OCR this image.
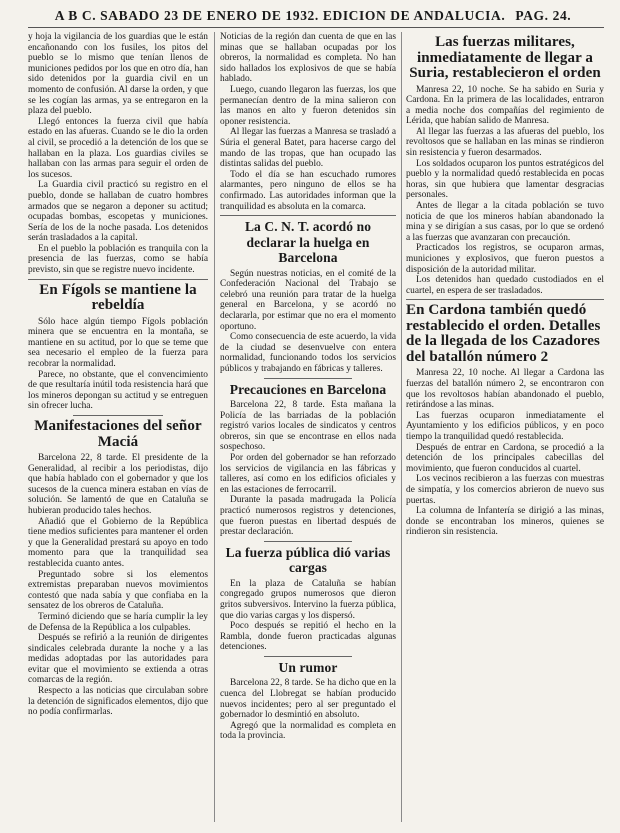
A B C. SABADO 23 DE ENERO DE 1932. EDICION DE ANDALUCIA. PAG. 24.

y hoja la vigilancia de los guardias que le están encañonando con los fusiles, los pitos del pueblo se lo mismo que tenían llenos de municiones pedidos por los que en otro día, han sido detenidos por la guardia civil en un momento de confusión. Al darse la orden, y que se les cogían las armas, ya se entregaron en la plaza del pueblo.

Llegó entonces la fuerza civil que había estado en las afueras. Cuando se le dio la orden al civil, se procedió a la detención de los que se hallaban en la plaza. Los guardias civiles se hallaban con las armas para seguir el orden de los sucesos.

La Guardia civil practicó su registro en el pueblo, donde se hallaban de cuatro hombres armados que se negaron a deponer su actitud; ocupadas bombas, escopetas y municiones. Sería de los de la noche pasada. Los detenidos serán trasladados a la capital.

En el pueblo la población es tranquila con la presencia de las fuerzas, como se había previsto, sin que se registre nuevo incidente.

En Fígols se mantiene la rebeldía

Sólo hace algún tiempo Fígols población minera que se encuentra en la montaña, se mantiene en su actitud, por lo que se teme que sea necesario el empleo de la fuerza para recobrar la normalidad.

Parece, no obstante, que el convencimiento de que resultaría inútil toda resistencia hará que los mineros depongan su actitud y se entreguen sin ofrecer lucha.

Manifestaciones del señor Maciá

Barcelona 22, 8 tarde. El presidente de la Generalidad, al recibir a los periodistas, dijo que había hablado con el gobernador y que los sucesos de la cuenca minera estaban en vías de solución. Se lamentó de que en Cataluña se hubieran producido tales hechos.

Añadió que el Gobierno de la República tiene medios suficientes para mantener el orden y que la Generalidad prestará su apoyo en todo momento para que la tranquilidad sea restablecida cuanto antes.

Preguntado sobre si los elementos extremistas preparaban nuevos movimientos contestó que nada sabía y que confiaba en la sensatez de los obreros de Cataluña.

Terminó diciendo que se haría cumplir la ley de Defensa de la República a los culpables.

Después se refirió a la reunión de dirigentes sindicales celebrada durante la noche y a las medidas adoptadas por las autoridades para evitar que el movimiento se extienda a otras comarcas de la región.

Respecto a las noticias que circulaban sobre la detención de significados elementos, dijo que no podía confirmarlas.

Noticias de la región dan cuenta de que en las minas que se hallaban ocupadas por los obreros, la normalidad es completa. No han sido hallados los explosivos de que se había hablado.

Luego, cuando llegaron las fuerzas, los que permanecían dentro de la mina salieron con las manos en alto y fueron detenidos sin oponer resistencia.

Al llegar las fuerzas a Manresa se trasladó a Súria el general Batet, para hacerse cargo del mando de las tropas, que han ocupado las distintas salidas del pueblo.

Todo el día se han escuchado rumores alarmantes, pero ninguno de ellos se ha confirmado. Las autoridades informan que la tranquilidad es absoluta en la comarca.

La C. N. T. acordó no declarar la huelga en Barcelona

Según nuestras noticias, en el comité de la Confederación Nacional del Trabajo se celebró una reunión para tratar de la huelga general en Barcelona, y se acordó no declararla, por estimar que no era el momento oportuno.

Como consecuencia de este acuerdo, la vida de la ciudad se desenvuelve con entera normalidad, funcionando todos los servicios públicos y trabajando en fábricas y talleres.

Precauciones en Barcelona

Barcelona 22, 8 tarde. Esta mañana la Policía de las barriadas de la población registró varios locales de sindicatos y centros obreros, sin que se encontrase en ellos nada sospechoso.

Por orden del gobernador se han reforzado los servicios de vigilancia en las fábricas y talleres, así como en los edificios oficiales y en las estaciones de ferrocarril.

Durante la pasada madrugada la Policía practicó numerosos registros y detenciones, que fueron puestas en libertad después de prestar declaración.

La fuerza pública dió varias cargas

En la plaza de Cataluña se habían congregado grupos numerosos que dieron gritos subversivos. Intervino la fuerza pública, que dio varias cargas y los dispersó.

Poco después se repitió el hecho en la Rambla, donde fueron practicadas algunas detenciones.

Un rumor

Barcelona 22, 8 tarde. Se ha dicho que en la cuenca del Llobregat se habían producido nuevos incidentes; pero al ser preguntado el gobernador lo desmintió en absoluto.

Agregó que la normalidad es completa en toda la provincia.

Las fuerzas militares, inmediatamente de llegar a Suria, restablecieron el orden

Manresa 22, 10 noche. Se ha sabido en Suria y Cardona. En la primera de las localidades, entraron a media noche dos compañías del regimiento de Lérida, que habían salido de Manresa.

Al llegar las fuerzas a las afueras del pueblo, los revoltosos que se hallaban en las minas se rindieron sin resistencia y fueron desarmados.

Los soldados ocuparon los puntos estratégicos del pueblo y la normalidad quedó restablecida en pocas horas, sin que hubiera que lamentar desgracias personales.

Antes de llegar a la citada población se tuvo noticia de que los mineros habían abandonado la mina y se dirigían a sus casas, por lo que se ordenó a las fuerzas que avanzaran con precaución.

Practicados los registros, se ocuparon armas, municiones y explosivos, que fueron puestos a disposición de la autoridad militar.

Los detenidos han quedado custodiados en el cuartel, en espera de ser trasladados.

En Cardona también quedó restablecido el orden. Detalles de la llegada de los Cazadores del batallón número 2

Manresa 22, 10 noche. Al llegar a Cardona las fuerzas del batallón número 2, se encontraron con que los revoltosos habían abandonado el pueblo, retirándose a las minas.

Las fuerzas ocuparon inmediatamente el Ayuntamiento y los edificios públicos, y en poco tiempo la tranquilidad quedó restablecida.

Después de entrar en Cardona, se procedió a la detención de los principales cabecillas del movimiento, que fueron conducidos al cuartel.

Los vecinos recibieron a las fuerzas con muestras de simpatía, y los comercios abrieron de nuevo sus puertas.

La columna de Infantería se dirigió a las minas, donde se encontraban los mineros, quienes se rindieron sin resistencia.
